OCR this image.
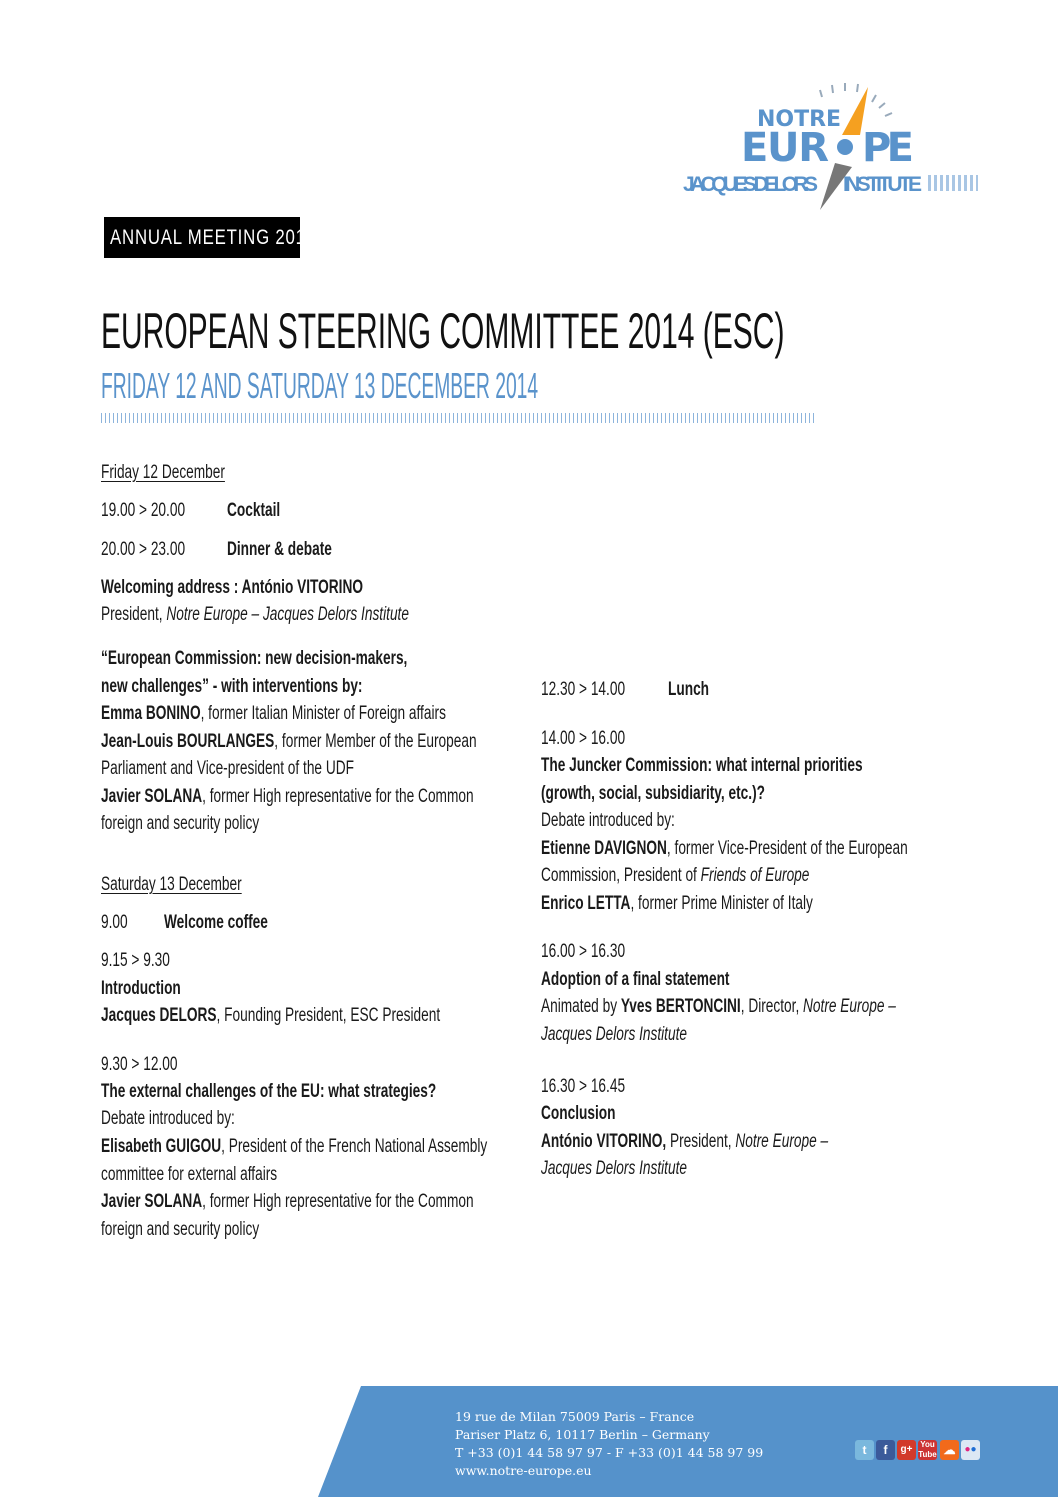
NOTRE
EUR PE
JACQUES DELORS INSTITUTE
ANNUAL MEETING 2014
EUROPEAN STEERING COMMITTEE 2014 (ESC)
FRIDAY 12 AND SATURDAY 13 DECEMBER 2014
Friday 12 December
19.00 > 20.00 Cocktail
20.00 > 23.00 Dinner & debate
Welcoming address : António VITORINO
President, Notre Europe – Jacques Delors Institute
“European Commission: new decision-makers,
new challenges” - with interventions by:
Emma BONINO, former Italian Minister of Foreign affairs
Jean-Louis BOURLANGES, former Member of the European
Parliament and Vice-president of the UDF
Javier SOLANA, former High representative for the Common
foreign and security policy
Saturday 13 December
9.00 Welcome coffee
9.15 > 9.30
Introduction
Jacques DELORS, Founding President, ESC President
9.30 > 12.00
The external challenges of the EU: what strategies?
Debate introduced by:
Elisabeth GUIGOU, President of the French National Assembly
committee for external affairs
Javier SOLANA, former High representative for the Common
foreign and security policy
12.30 > 14.00 Lunch
14.00 > 16.00
The Juncker Commission: what internal priorities
(growth, social, subsidiarity, etc.)?
Debate introduced by:
Etienne DAVIGNON, former Vice-President of the European
Commission, President of Friends of Europe
Enrico LETTA, former Prime Minister of Italy
16.00 > 16.30
Adoption of a final statement
Animated by Yves BERTONCINI, Director, Notre Europe –
Jacques Delors Institute
16.30 > 16.45
Conclusion
António VITORINO, President, Notre Europe –
Jacques Delors Institute
19 rue de Milan 75009 Paris – France
Pariser Platz 6, 10117 Berlin – Germany
T +33 (0)1 44 58 97 97 - F +33 (0)1 44 58 97 99
www.notre-europe.eu
t	f	g+ You
Tube ☁ ●●
